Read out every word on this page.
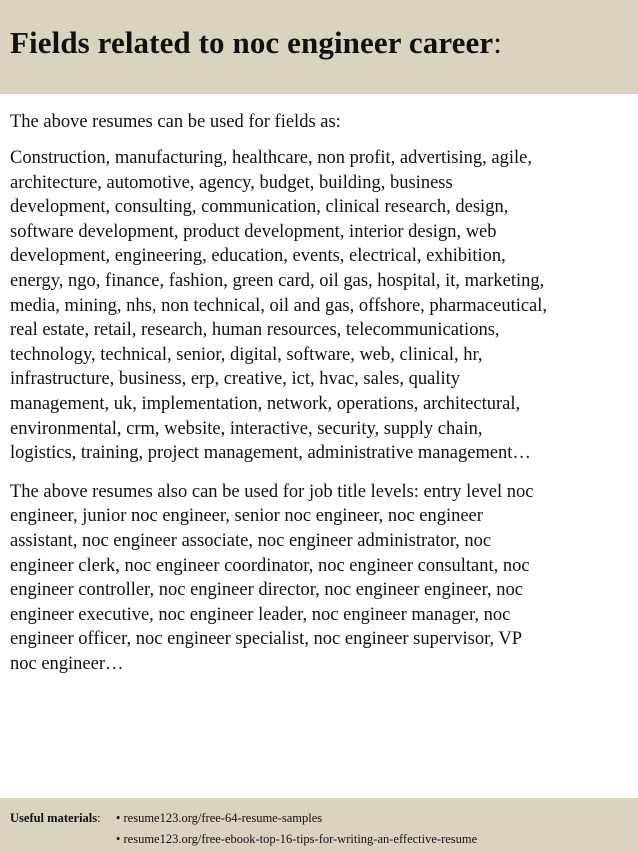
Fields related to noc engineer career:
The above resumes can be used for fields as:
Construction, manufacturing, healthcare, non profit, advertising, agile,
architecture, automotive, agency, budget, building, business
development, consulting, communication, clinical research, design,
software development, product development, interior design, web
development, engineering, education, events, electrical, exhibition,
energy, ngo, finance, fashion, green card, oil gas, hospital, it, marketing,
media, mining, nhs, non technical, oil and gas, offshore, pharmaceutical,
real estate, retail, research, human resources, telecommunications,
technology, technical, senior, digital, software, web, clinical, hr,
infrastructure, business, erp, creative, ict, hvac, sales, quality
management, uk, implementation, network, operations, architectural,
environmental, crm, website, interactive, security, supply chain,
logistics, training, project management, administrative management…
The above resumes also can be used for job title levels: entry level noc
engineer, junior noc engineer, senior noc engineer, noc engineer
assistant, noc engineer associate, noc engineer administrator, noc
engineer clerk, noc engineer coordinator, noc engineer consultant, noc
engineer controller, noc engineer director, noc engineer engineer, noc
engineer executive, noc engineer leader, noc engineer manager, noc
engineer officer, noc engineer specialist, noc engineer supervisor, VP
noc engineer…
Useful materials: • resume123.org/free-64-resume-samples
• resume123.org/free-ebook-top-16-tips-for-writing-an-effective-resume
